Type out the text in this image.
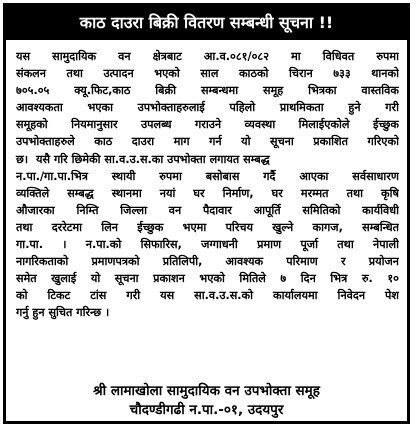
काठ दाउरा बिक्री वितरण सम्बन्धी सूचना !!
यस सामुदायिक वन क्षेत्रबाट आ.व.०८१/०८२ मा विधिवत रुपमा
संकलन तथा उत्पादन भएको साल काठको चिरान ७३३ थानको
७०५.०५ क्यू.फिट,काठ बिक्री सम्बन्धमा समूह भित्रका वास्तविक
आवश्यकता भएका उपभोक्ताहरुलाई पहिलो प्राथमिकता हुने गरी
समूहको नियमानुसार उपलब्ध गराउने व्यवस्था मिलाईएकोले ईच्छुक
उपभोक्ताहरुले काठ दाउरा माग गर्न यो सूचना प्रकाशित गरिएको
छ। यसै गरि छिमेकी सा.व.उ.स.का उपभोक्ता लगायत सम्बद्ध
न.पा./गा.पा.भित्र स्थायी रुपमा बसोबास गर्दै आएका सर्वसाधारण
व्यक्तिले सम्बद्ध स्थानमा नयां घर निर्माण, घर मरम्मत तथा कृषि
औजारका निम्ति जिल्ला वन पैदावार आपूर्ति समितिको कार्यविधी
तथा दररेटमा लिन ईच्छुक भएमा परिचय खुल्ने कागज, सम्बन्धित
गा.पा. । न.पा.को सिफारिस, जग्गाधनी प्रमाण पूर्जा तथा नेपाली
नागरिकताको प्रमाणपत्रको प्रतिलिपी, आवश्यक परिमाण र प्रयोजन
समेत खुलाई यो सूचना प्रकाशन भएको मितिले ७ दिन भित्र रु. १०
को टिकट टांस गरी यस सा.व.उ.स.को कार्यालयमा निवेदन पेश
गर्नु हुन सुचित गरिन्छ ।
श्री लामाखोला सामुदायिक वन उपभोक्ता समूह
चौदण्डीगढी न.पा.-०१, उदयपुर
